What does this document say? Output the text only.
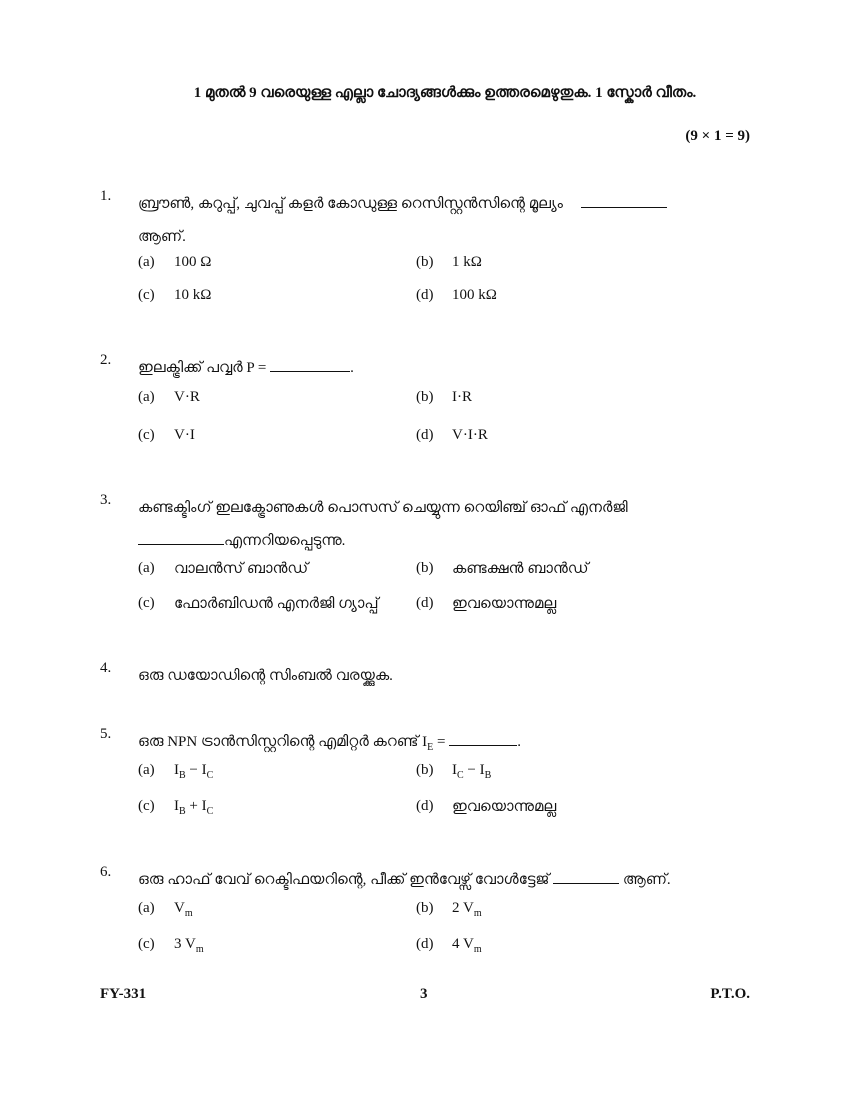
1 മുതൽ 9 വരെയുള്ള എല്ലാ ചോദ്യങ്ങൾക്കും ഉത്തരമെഴുതുക. 1 സ്കോർ വീതം.
(9 × 1 = 9)
1.	ബ്രൗൺ, കറുപ്പ്, ചുവപ്പ് കളർ കോഡുള്ള റെസിസ്റ്റൻസിന്റെ മൂല്യം
ആണ്.
(a)	100 Ω	(b)	1 kΩ
(c)	10 kΩ	(d)	100 kΩ
2.	ഇലക്ട്രിക്ക് പവ്വർ P =	.
(a)	V·R	(b)	I·R
(c)	V·I	(d)	V·I·R
3.	കണ്ടക്ടിംഗ് ഇലക്ട്രോണുകൾ പൊസസ് ചെയ്യുന്ന റെയിഞ്ച് ഓഫ് എനർജി
എന്നറിയപ്പെടുന്നു.
(a)	വാലൻസ് ബാൻഡ്	(b)	കണ്ടക്ഷൻ ബാൻഡ്
(c)	ഫോർബിഡൻ എനർജി ഗ്യാപ്പ് (d)	ഇവയൊന്നുമല്ല
4.	ഒരു ഡയോഡിന്റെ സിംബൽ വരയ്ക്കുക.
5.	ഒരു NPN ട്രാൻസിസ്റ്ററിന്റെ എമിറ്റർ കറണ്ട് $I_E$ =	.
(a)	$I_B - I_C$	(b)	$I_C - I_B$
(c)	$I_B + I_C$	(d)	ഇവയൊന്നുമല്ല
6.	ഒരു ഹാഫ് വേവ് റെക്ടിഫയറിന്റെ, പീക്ക് ഇൻവേഴ്സ് വോൾട്ടേജ്	ആണ്.
(a)	$V_m$	(b)	2 $V_m$
(c)	3 $V_m$	(d)	4 $V_m$
FY-331	3	P.T.O.
